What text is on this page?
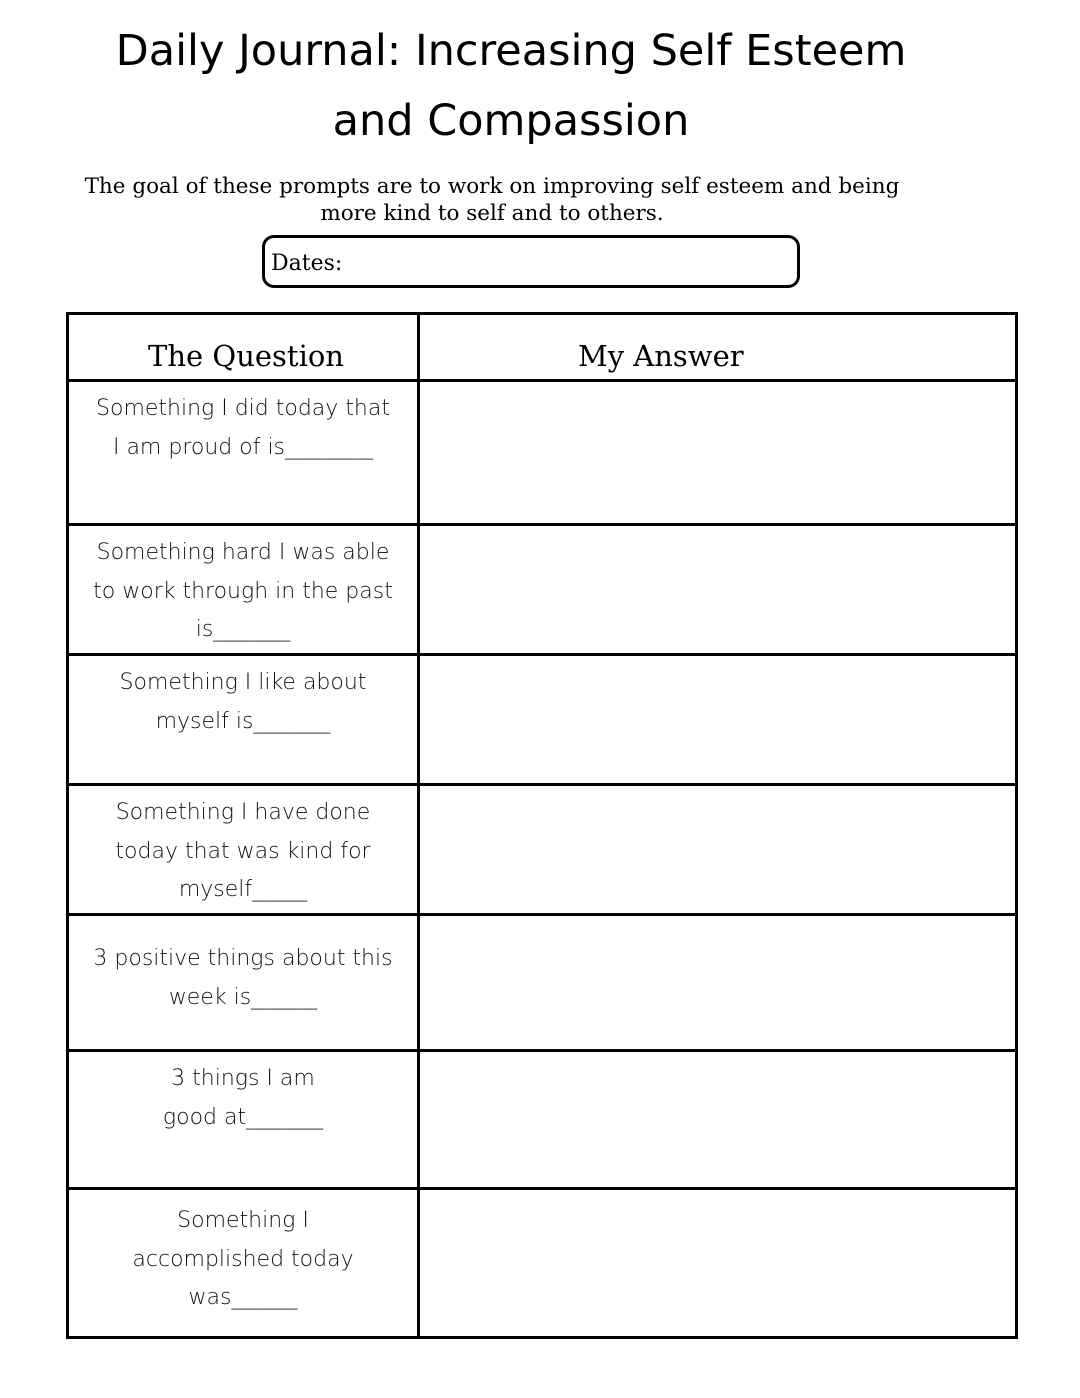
Daily Journal: Increasing Self Esteem
and Compassion
The goal of these prompts are to work on improving self esteem and being
more kind to self and to others.
Dates:
The Question	My Answer
Something I did today that I am proud of is________	
Something hard I was able to work through in the past is_______	
Something I like about myself is_______	
Something I have done today that was kind for myself_____	
3 positive things about this week is______	
3 things I am good at_______	
Something I accomplished today was______	
